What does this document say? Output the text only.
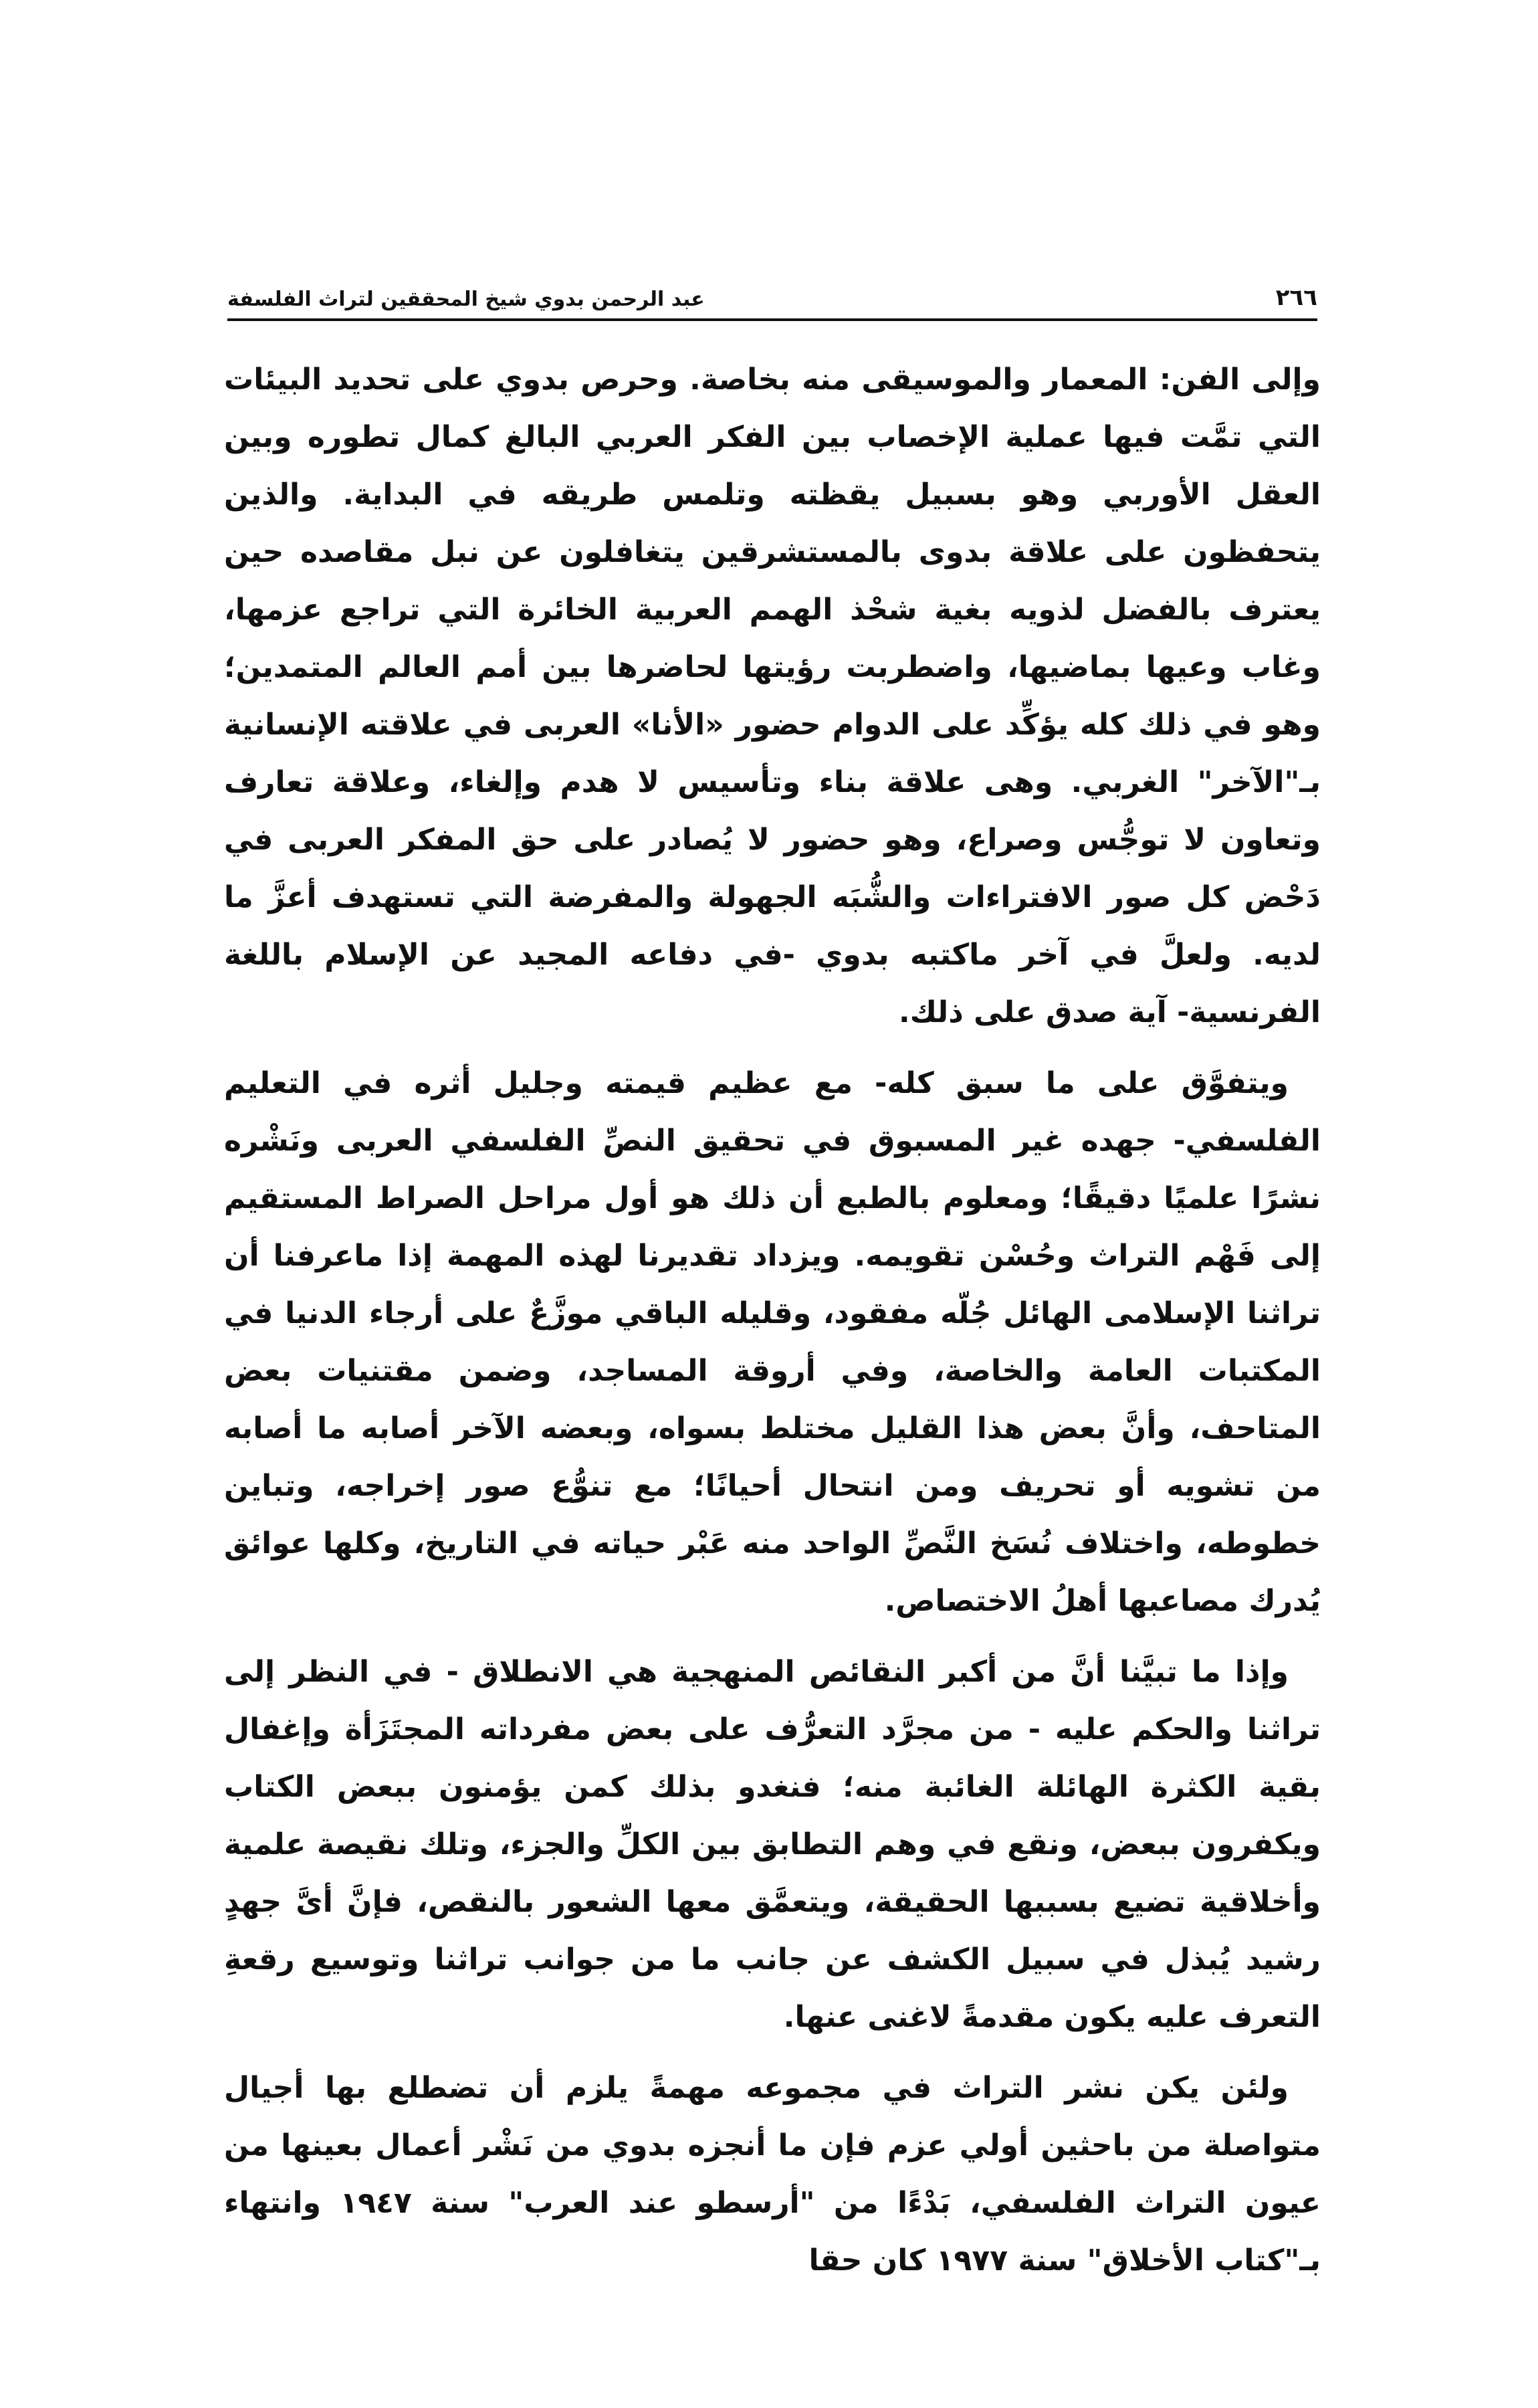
٢٦٦
عبد الرحمن بدوي شيخ المحققين لتراث الفلسفة

وإلى الفن: المعمار والموسيقى منه بخاصة. وحرص بدوي على تحديد البيئات التي تمَّت فيها عملية الإخصاب بين الفكر العربي البالغ كمال تطوره وبين العقل الأوربي وهو بسبيل يقظته وتلمس طريقه في البداية. والذين يتحفظون على علاقة بدوى بالمستشرقين يتغافلون عن نبل مقاصده حين يعترف بالفضل لذويه بغية شحْذ الهمم العربية الخائرة التي تراجع عزمها، وغاب وعيها بماضيها، واضطربت رؤيتها لحاضرها بين أمم العالم المتمدين؛ وهو في ذلك كله يؤكِّد على الدوام حضور «الأنا» العربى في علاقته الإنسانية بـ"الآخر" الغربي. وهى علاقة بناء وتأسيس لا هدم وإلغاء، وعلاقة تعارف وتعاون لا توجُّس وصراع، وهو حضور لا يُصادر على حق المفكر العربى في دَحْض كل صور الافتراءات والشُّبَه الجهولة والمفرضة التي تستهدف أعزَّ ما لديه. ولعلَّ في آخر ماكتبه بدوي -في دفاعه المجيد عن الإسلام باللغة الفرنسية- آية صدق على ذلك.

ويتفوَّق على ما سبق كله- مع عظيم قيمته وجليل أثره في التعليم الفلسفي- جهده غير المسبوق في تحقيق النصِّ الفلسفي العربى ونَشْره نشرًا علميًا دقيقًا؛ ومعلوم بالطبع أن ذلك هو أول مراحل الصراط المستقيم إلى فَهْم التراث وحُسْن تقويمه. ويزداد تقديرنا لهذه المهمة إذا ماعرفنا أن تراثنا الإسلامى الهائل جُلّه مفقود، وقليله الباقي موزَّعٌ على أرجاء الدنيا في المكتبات العامة والخاصة، وفي أروقة المساجد، وضمن مقتنيات بعض المتاحف، وأنَّ بعض هذا القليل مختلط بسواه، وبعضه الآخر أصابه ما أصابه من تشويه أو تحريف ومن انتحال أحيانًا؛ مع تنوُّع صور إخراجه، وتباين خطوطه، واختلاف نُسَخ النَّصِّ الواحد منه عَبْر حياته في التاريخ، وكلها عوائق يُدرك مصاعبها أهلُ الاختصاص.

وإذا ما تبيَّنا أنَّ من أكبر النقائص المنهجية هي الانطلاق - في النظر إلى تراثنا والحكم عليه - من مجرَّد التعرُّف على بعض مفرداته المجتَزَأة وإغفال بقية الكثرة الهائلة الغائبة منه؛ فنغدو بذلك كمن يؤمنون ببعض الكتاب ويكفرون ببعض، ونقع في وهم التطابق بين الكلِّ والجزء، وتلك نقيصة علمية وأخلاقية تضيع بسببها الحقيقة، ويتعمَّق معها الشعور بالنقص، فإنَّ أىَّ جهدٍ رشيد يُبذل في سبيل الكشف عن جانب ما من جوانب تراثنا وتوسيع رقعةِ التعرف عليه يكون مقدمةً لاغنى عنها.

ولئن يكن نشر التراث في مجموعه مهمةً يلزم أن تضطلع بها أجيال متواصلة من باحثين أولي عزم فإن ما أنجزه بدوي من نَشْر أعمال بعينها من عيون التراث الفلسفي، بَدْءًا من "أرسطو عند العرب" سنة ١٩٤٧ وانتهاء بـ"كتاب الأخلاق" سنة ١٩٧٧ كان حقا
